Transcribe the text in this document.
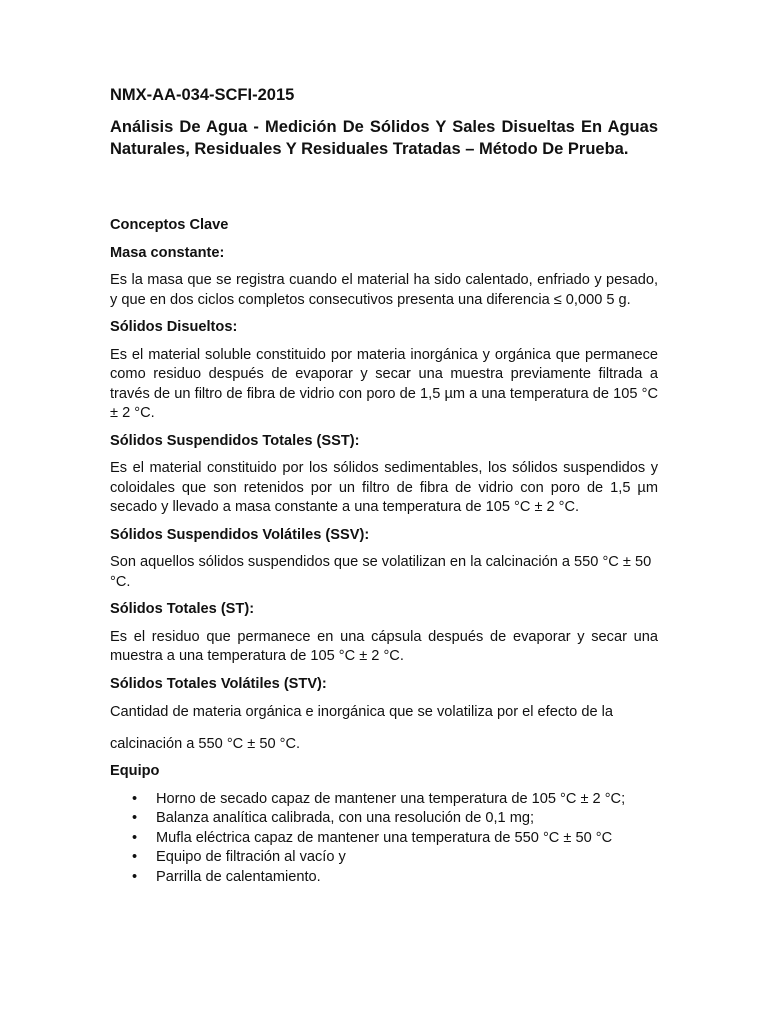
NMX-AA-034-SCFI-2015
Análisis De Agua - Medición De Sólidos Y Sales Disueltas En Aguas Naturales, Residuales Y Residuales Tratadas – Método De Prueba.

Conceptos Clave

Masa constante:

Es la masa que se registra cuando el material ha sido calentado, enfriado y pesado, y que en dos ciclos completos consecutivos presenta una diferencia ≤ 0,000 5 g.

Sólidos Disueltos:

Es el material soluble constituido por materia inorgánica y orgánica que permanece como residuo después de evaporar y secar una muestra previamente filtrada a través de un filtro de fibra de vidrio con poro de 1,5 µm a una temperatura de 105 °C ± 2 °C.

Sólidos Suspendidos Totales (SST):

Es el material constituido por los sólidos sedimentables, los sólidos suspendidos y coloidales que son retenidos por un filtro de fibra de vidrio con poro de 1,5 µm secado y llevado a masa constante a una temperatura de 105 °C ± 2 °C.

Sólidos Suspendidos Volátiles (SSV):

Son aquellos sólidos suspendidos que se volatilizan en la calcinación a 550 °C ± 50 °C.

Sólidos Totales (ST):

Es el residuo que permanece en una cápsula después de evaporar y secar una muestra a una temperatura de 105 °C ± 2 °C.

Sólidos Totales Volátiles (STV):

Cantidad de materia orgánica e inorgánica que se volatiliza por el efecto de la calcinación a 550 °C ± 50 °C.

Equipo

• Horno de secado capaz de mantener una temperatura de 105 °C ± 2 °C;
• Balanza analítica calibrada, con una resolución de 0,1 mg;
• Mufla eléctrica capaz de mantener una temperatura de 550 °C ± 50 °C
• Equipo de filtración al vacío y
• Parrilla de calentamiento.
